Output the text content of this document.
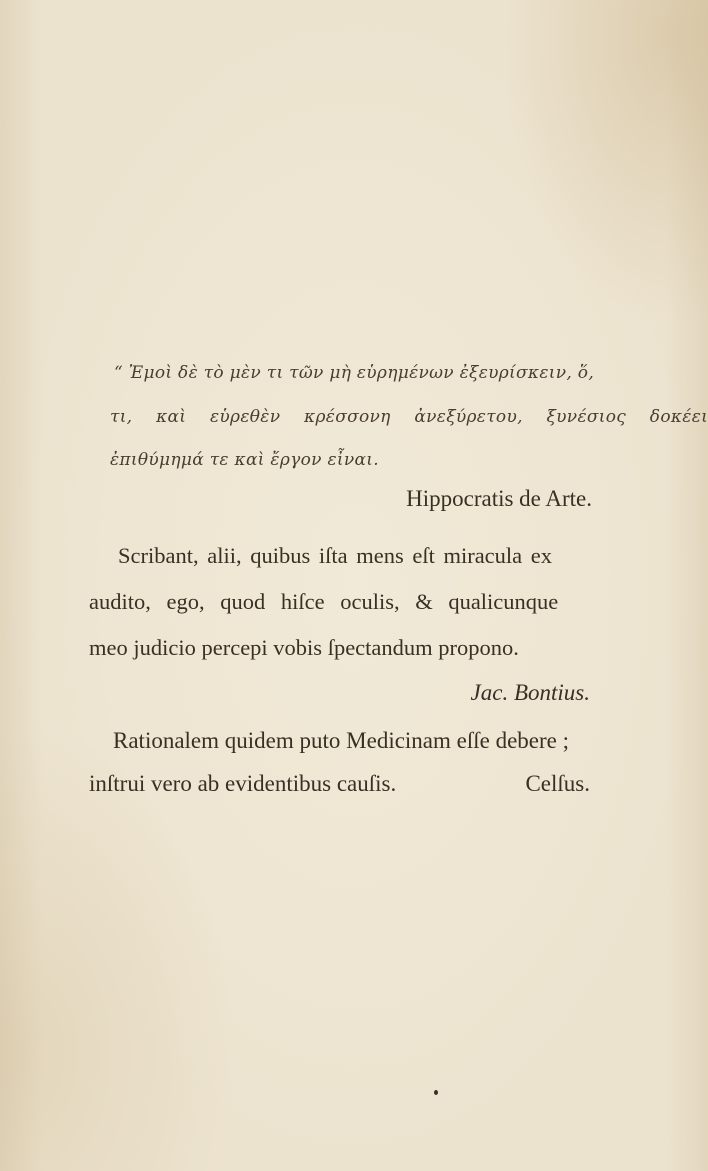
“ Ἐμοὶ δὲ τὸ μὲν τι τῶν μὴ εὑρημένων ἐξευρίσκειν, ὅ,
τι, καὶ εὑρεθὲν κρέσσονη ἀνεξύρετου, ξυνέσιος δοκέει
ἐπιθύμημά τε καὶ ἔργον εἶναι.
Hippocratis de Arte.
Scribant, alii, quibus iſta mens eſt miracula ex
audito, ego, quod hiſce oculis, & qualicunque
meo judicio percepi vobis ſpectandum propono.
Jac. Bontius.
Rationalem quidem puto Medicinam eſſe debere ;
inſtrui vero ab evidentibus cauſis.	Celſus.
